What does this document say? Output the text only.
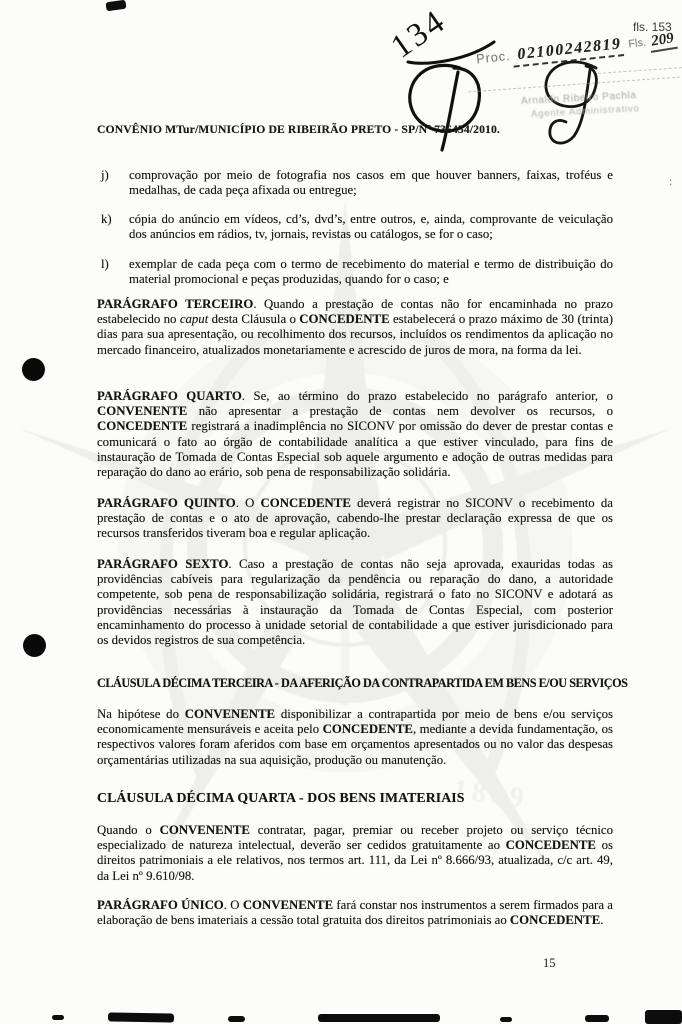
1889
fls. 153
134 Proc. 02100242819 Fls. 209
Arnaldo Ribeiro Pachla
Agente Administrativo
CONVÊNIO MTur/MUNICÍPIO DE RIBEIRÃO PRETO - SP/Nº 736454/2010.
j) comprovação por meio de fotografia nos casos em que houver banners, faixas, troféus e medalhas, de cada peça afixada ou entregue;
k) cópia do anúncio em vídeos, cd’s, dvd’s, entre outros, e, ainda, comprovante de veiculação dos anúncios em rádios, tv, jornais, revistas ou catálogos, se for o caso;
l) exemplar de cada peça com o termo de recebimento do material e termo de distribuição do material promocional e peças produzidas, quando for o caso; e
PARÁGRAFO TERCEIRO. Quando a prestação de contas não for encaminhada no prazo estabelecido no caput desta Cláusula o CONCEDENTE estabelecerá o prazo máximo de 30 (trinta) dias para sua apresentação, ou recolhimento dos recursos, incluídos os rendimentos da aplicação no mercado financeiro, atualizados monetariamente e acrescido de juros de mora, na forma da lei.
PARÁGRAFO QUARTO. Se, ao término do prazo estabelecido no parágrafo anterior, o CONVENENTE não apresentar a prestação de contas nem devolver os recursos, o CONCEDENTE registrará a inadimplência no SICONV por omissão do dever de prestar contas e comunicará o fato ao órgão de contabilidade analítica a que estiver vinculado, para fins de instauração de Tomada de Contas Especial sob aquele argumento e adoção de outras medidas para reparação do dano ao erário, sob pena de responsabilização solidária.
PARÁGRAFO QUINTO. O CONCEDENTE deverá registrar no SICONV o recebimento da prestação de contas e o ato de aprovação, cabendo-lhe prestar declaração expressa de que os recursos transferidos tiveram boa e regular aplicação.
PARÁGRAFO SEXTO. Caso a prestação de contas não seja aprovada, exauridas todas as providências cabíveis para regularização da pendência ou reparação do dano, a autoridade competente, sob pena de responsabilização solidária, registrará o fato no SICONV e adotará as providências necessárias à instauração da Tomada de Contas Especial, com posterior encaminhamento do processo à unidade setorial de contabilidade a que estiver jurisdicionado para os devidos registros de sua competência.
CLÁUSULA DÉCIMA TERCEIRA - DA AFERIÇÃO DA CONTRAPARTIDA EM BENS E/OU SERVIÇOS
Na hipótese do CONVENENTE disponibilizar a contrapartida por meio de bens e/ou serviços economicamente mensuráveis e aceita pelo CONCEDENTE, mediante a devida fundamentação, os respectivos valores foram aferidos com base em orçamentos apresentados ou no valor das despesas orçamentárias utilizadas na sua aquisição, produção ou manutenção.
CLÁUSULA DÉCIMA QUARTA - DOS BENS IMATERIAIS
Quando o CONVENENTE contratar, pagar, premiar ou receber projeto ou serviço técnico especializado de natureza intelectual, deverão ser cedidos gratuitamente ao CONCEDENTE os direitos patrimoniais a ele relativos, nos termos art. 111, da Lei nº 8.666/93, atualizada, c/c art. 49, da Lei nº 9.610/98.
PARÁGRAFO ÚNICO. O CONVENENTE fará constar nos instrumentos a serem firmados para a elaboração de bens imateriais a cessão total gratuita dos direitos patrimoniais ao CONCEDENTE.
:
15
